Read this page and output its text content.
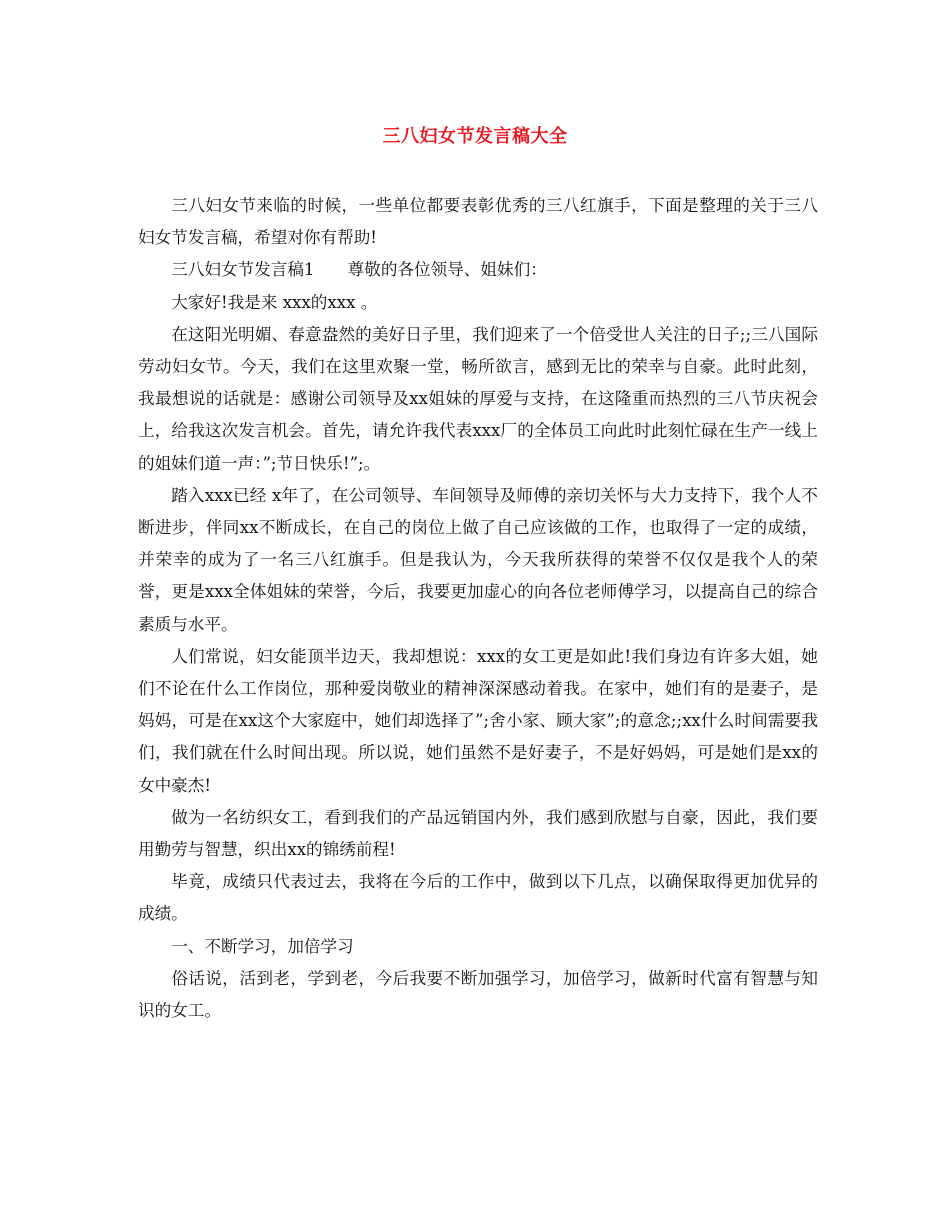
三八妇女节发言稿大全

三八妇女节来临的时候，一些单位都要表彰优秀的三八红旗手，下面是整理的关于三八妇女节发言稿，希望对你有帮助!

三八妇女节发言稿1　　尊敬的各位领导、姐妹们：

大家好!我是来 xxx的xxx 。

在这阳光明媚、春意盎然的美好日子里，我们迎来了一个倍受世人关注的日子;;三八国际劳动妇女节。今天，我们在这里欢聚一堂，畅所欲言，感到无比的荣幸与自豪。此时此刻，我最想说的话就是：感谢公司领导及xx姐妹的厚爱与支持，在这隆重而热烈的三八节庆祝会上，给我这次发言机会。首先，请允许我代表xxx厂的全体员工向此时此刻忙碌在生产一线上的姐妹们道一声：”;节日快乐!”;。

踏入xxx已经 x年了，在公司领导、车间领导及师傅的亲切关怀与大力支持下，我个人不断进步，伴同xx不断成长，在自己的岗位上做了自己应该做的工作，也取得了一定的成绩，并荣幸的成为了一名三八红旗手。但是我认为，今天我所获得的荣誉不仅仅是我个人的荣誉，更是xxx全体姐妹的荣誉，今后，我要更加虚心的向各位老师傅学习，以提高自己的综合素质与水平。

人们常说，妇女能顶半边天，我却想说：xxx的女工更是如此!我们身边有许多大姐，她们不论在什么工作岗位，那种爱岗敬业的精神深深感动着我。在家中，她们有的是妻子，是妈妈，可是在xx这个大家庭中，她们却选择了”;舍小家、顾大家”;的意念;;xx什么时间需要我们，我们就在什么时间出现。所以说，她们虽然不是好妻子，不是好妈妈，可是她们是xx的女中豪杰!

做为一名纺织女工，看到我们的产品远销国内外，我们感到欣慰与自豪，因此，我们要用勤劳与智慧，织出xx的锦绣前程!

毕竟，成绩只代表过去，我将在今后的工作中，做到以下几点，以确保取得更加优异的成绩。

一、不断学习，加倍学习

俗话说，活到老，学到老，今后我要不断加强学习，加倍学习，做新时代富有智慧与知识的女工。
